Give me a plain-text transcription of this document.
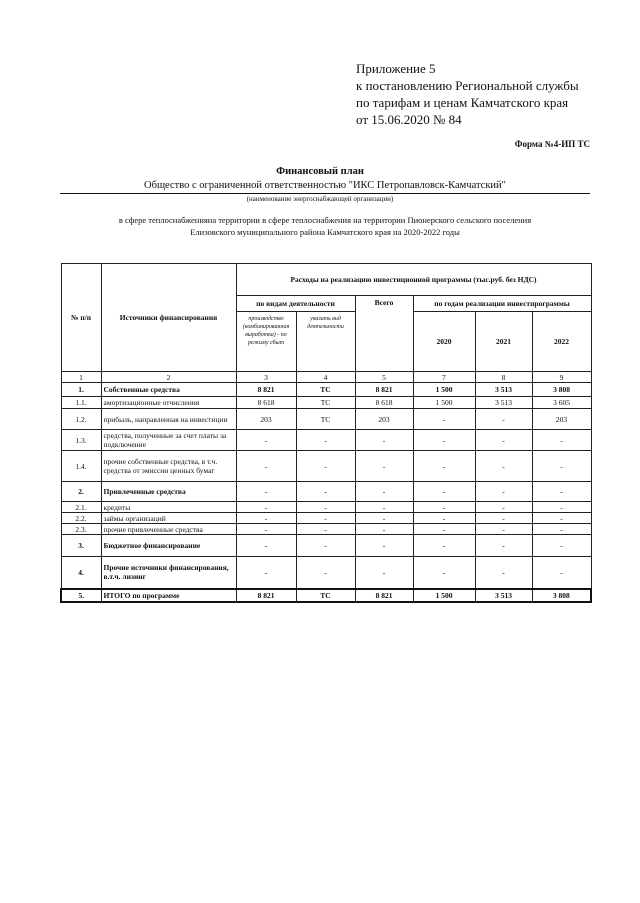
Приложение 5
к постановлению Региональной службы
по тарифам и ценам Камчатского края
от 15.06.2020 № 84
Форма №4-ИП ТС
Финансовый план
Общество с ограниченной ответственностью "ИКС Петропавловск-Камчатский"
(наименование энергоснабжающей организации)
в сфере теплоснабженияна территории в сфере теплоснабжения на территории Пионерского сельского поселения
Елизовского муниципального района Камчатского края на 2020-2022 годы
№ п/п	Источники финансирования	Расходы на реализацию инвестиционной программы (тыс.руб. без НДС)					
		по видам деятельности		Всего	по годам реализации инвестпрограммы		
		производство (комбинированная выработка) - по режиму сбыт	указать вид деятельности		2020	2021	2022

1	2	3	4	5	7	8	9
1.	Собственные средства	8 821	ТС	8 821	1 500	3 513	3 808
1.1.	амортизационные отчисления	8 618	ТС	8 618	1 500	3 513	3 605
1.2.	прибыль, направленная на инвестиции	203	ТС	203	-	-	203
1.3.	средства, полученные за счет платы за подключение	-	-	-	-	-	-
1.4.	прочие собственные средства, в т.ч. средства от эмиссии ценных бумаг	-	-	-	-	-	-
2.	Привлеченные средства	-	-	-	-	-	-
2.1.	кредиты	-	-	-	-	-	-
2.2.	займы организаций	-	-	-	-	-	-
2.3.	прочие привлеченные средства	-	-	-	-	-	-
3.	Бюджетное финансирование	-	-	-	-	-	-
4.	Прочие источники финансирования, в.т.ч. лизинг	-	-	-	-	-	-
5.	ИТОГО по программе	8 821	ТС	8 821	1 500	3 513	3 808
